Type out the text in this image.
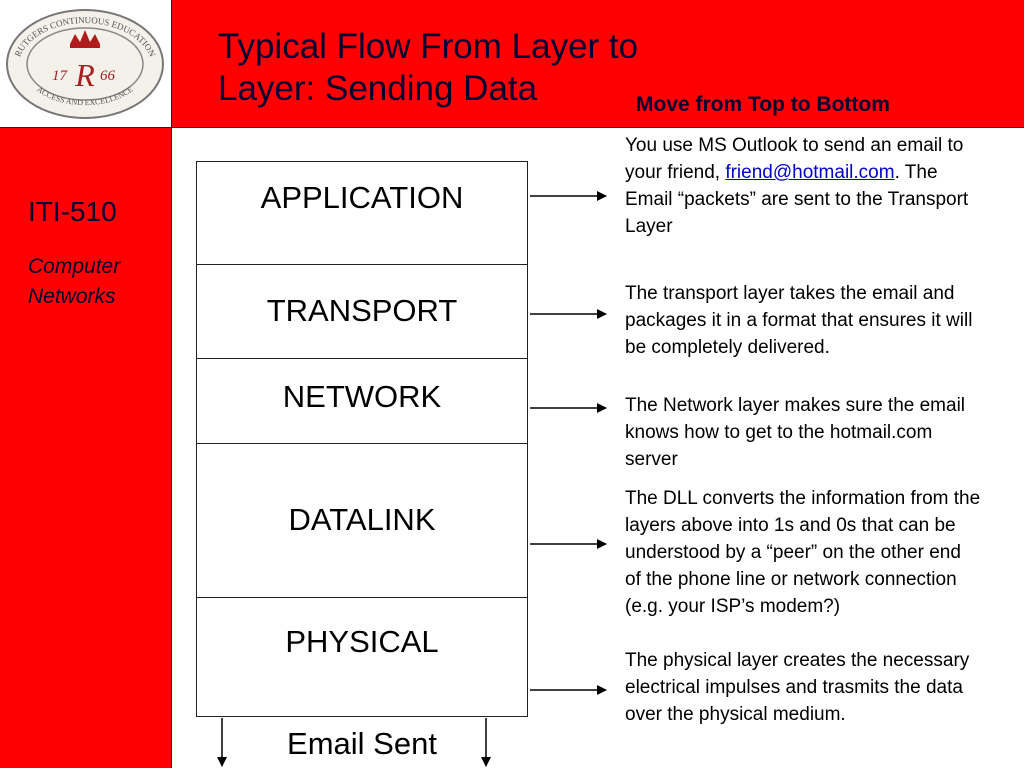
RUTGERS CONTINUOUS EDUCATION
ACCESS AND EXCELLENCE
17 R 66
Typical Flow From Layer to Layer: Sending Data	Move from Top to Bottom
ITI-510
Computer Networks
APPLICATION
TRANSPORT
NETWORK
DATALINK
PHYSICAL
You use MS Outlook to send an email to your friend, friend@hotmail.com. The Email “packets” are sent to the Transport Layer
The transport layer takes the email and packages it in a format that ensures it will be completely delivered.
The Network layer makes sure the email knows how to get to the hotmail.com server
The DLL converts the information from the layers above into 1s and 0s that can be understood by a “peer” on the other end of the phone line or network connection (e.g. your ISP’s modem?)
The physical layer creates the necessary electrical impulses and trasmits the data over the physical medium.
Email Sent
